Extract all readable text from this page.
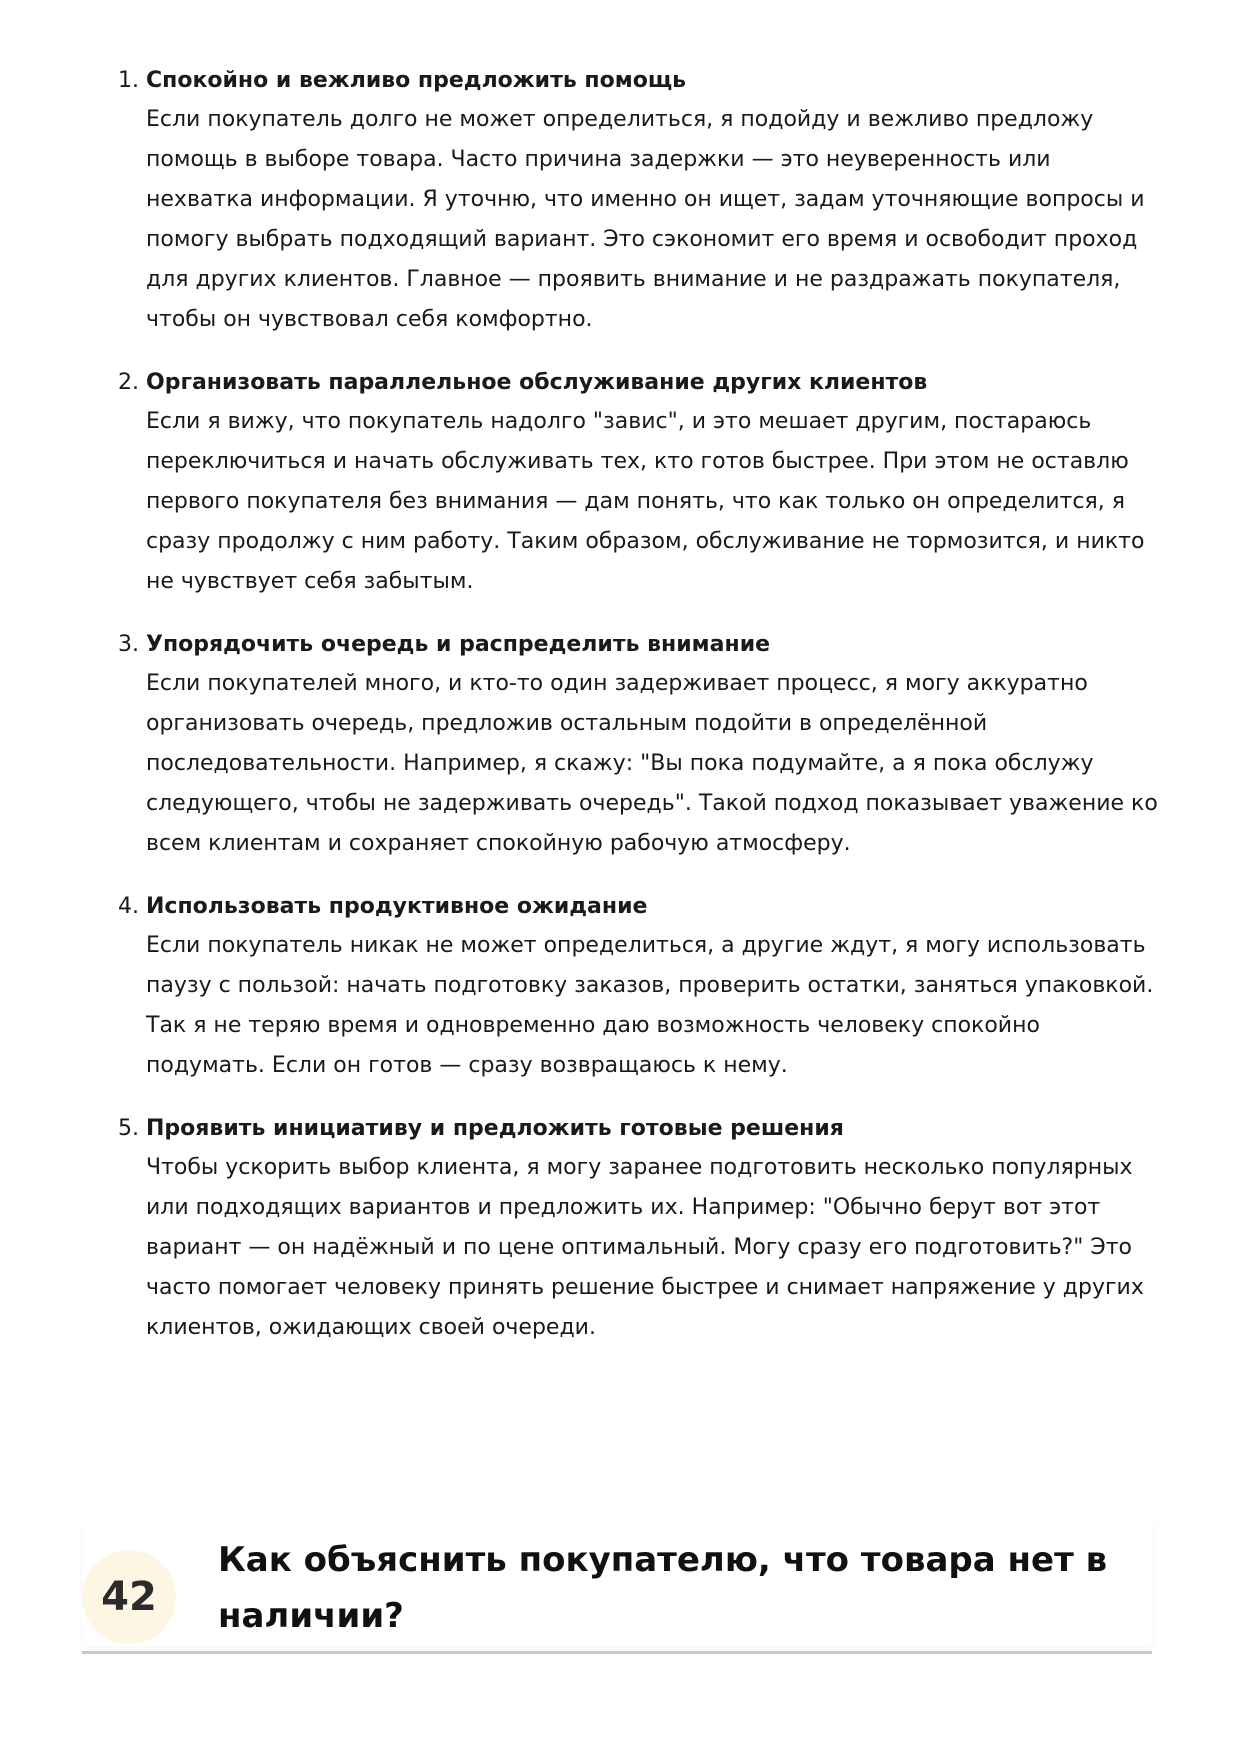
1. Спокойно и вежливо предложить помощь

Если покупатель долго не может определиться, я подойду и вежливо предложу помощь в выборе товара. Часто причина задержки — это неуверенность или нехватка информации. Я уточню, что именно он ищет, задам уточняющие вопросы и помогу выбрать подходящий вариант. Это сэкономит его время и освободит проход для других клиентов. Главное — проявить внимание и не раздражать покупателя, чтобы он чувствовал себя комфортно.

2. Организовать параллельное обслуживание других клиентов

Если я вижу, что покупатель надолго "завис", и это мешает другим, постараюсь переключиться и начать обслуживать тех, кто готов быстрее. При этом не оставлю первого покупателя без внимания — дам понять, что как только он определится, я сразу продолжу с ним работу. Таким образом, обслуживание не тормозится, и никто не чувствует себя забытым.

3. Упорядочить очередь и распределить внимание

Если покупателей много, и кто-то один задерживает процесс, я могу аккуратно организовать очередь, предложив остальным подойти в определённой последовательности. Например, я скажу: "Вы пока подумайте, а я пока обслужу следующего, чтобы не задерживать очередь". Такой подход показывает уважение ко всем клиентам и сохраняет спокойную рабочую атмосферу.

4. Использовать продуктивное ожидание

Если покупатель никак не может определиться, а другие ждут, я могу использовать паузу с пользой: начать подготовку заказов, проверить остатки, заняться упаковкой. Так я не теряю время и одновременно даю возможность человеку спокойно подумать. Если он готов — сразу возвращаюсь к нему.

5. Проявить инициативу и предложить готовые решения

Чтобы ускорить выбор клиента, я могу заранее подготовить несколько популярных или подходящих вариантов и предложить их. Например: "Обычно берут вот этот вариант — он надёжный и по цене оптимальный. Могу сразу его подготовить?" Это часто помогает человеку принять решение быстрее и снимает напряжение у других клиентов, ожидающих своей очереди.

42
Как объяснить покупателю, что товара нет в наличии?
